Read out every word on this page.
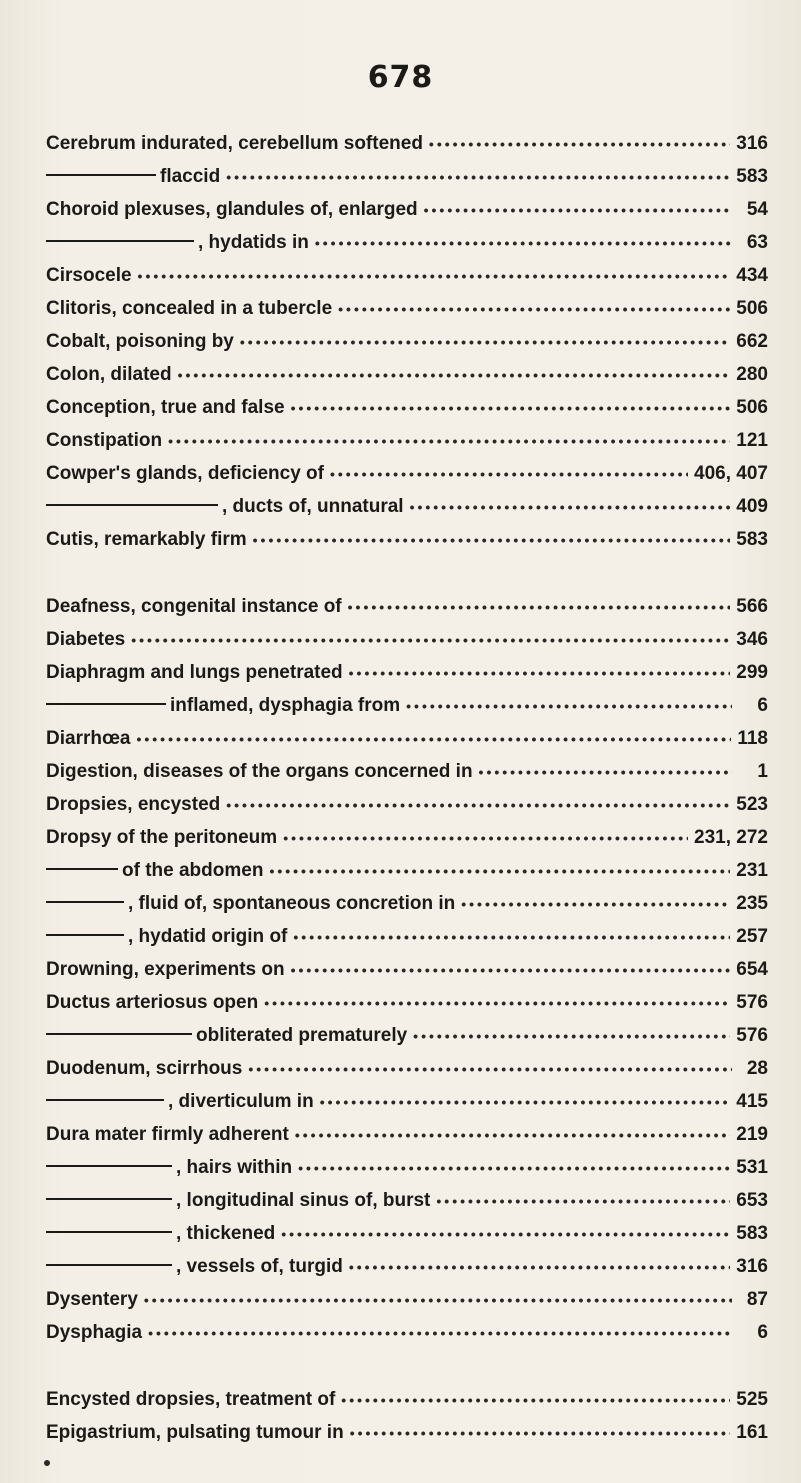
678
Cerebrum indurated, cerebellum softened •••••	316
flaccid •••••	583
Choroid plexuses, glandules of, enlarged •••••	54
, hydatids in •••••	63
Cirsocele •••••	434
Clitoris, concealed in a tubercle •••••	506
Cobalt, poisoning by •••••	662
Colon, dilated •••••	280
Conception, true and false •••••	506
Constipation •••••	121
Cowper's glands, deficiency of •••••	406, 407
, ducts of, unnatural •••••	409
Cutis, remarkably firm •••••	583
Deafness, congenital instance of •••••	566
Diabetes •••••	346
Diaphragm and lungs penetrated •••••	299
inflamed, dysphagia from •••••	6
Diarrhœa •••••	118
Digestion, diseases of the organs concerned in •••••	1
Dropsies, encysted •••••	523
Dropsy of the peritoneum •••••	231, 272
of the abdomen •••••	231
, fluid of, spontaneous concretion in •••••	235
, hydatid origin of •••••	257
Drowning, experiments on •••••	654
Ductus arteriosus open •••••	576
obliterated prematurely •••••	576
Duodenum, scirrhous •••••	28
, diverticulum in •••••	415
Dura mater firmly adherent •••••	219
, hairs within •••••	531
, longitudinal sinus of, burst •••••	653
, thickened •••••	583
, vessels of, turgid •••••	316
Dysentery •••••	87
Dysphagia •••••	6
Encysted dropsies, treatment of •••••	525
Epigastrium, pulsating tumour in •••••	161
